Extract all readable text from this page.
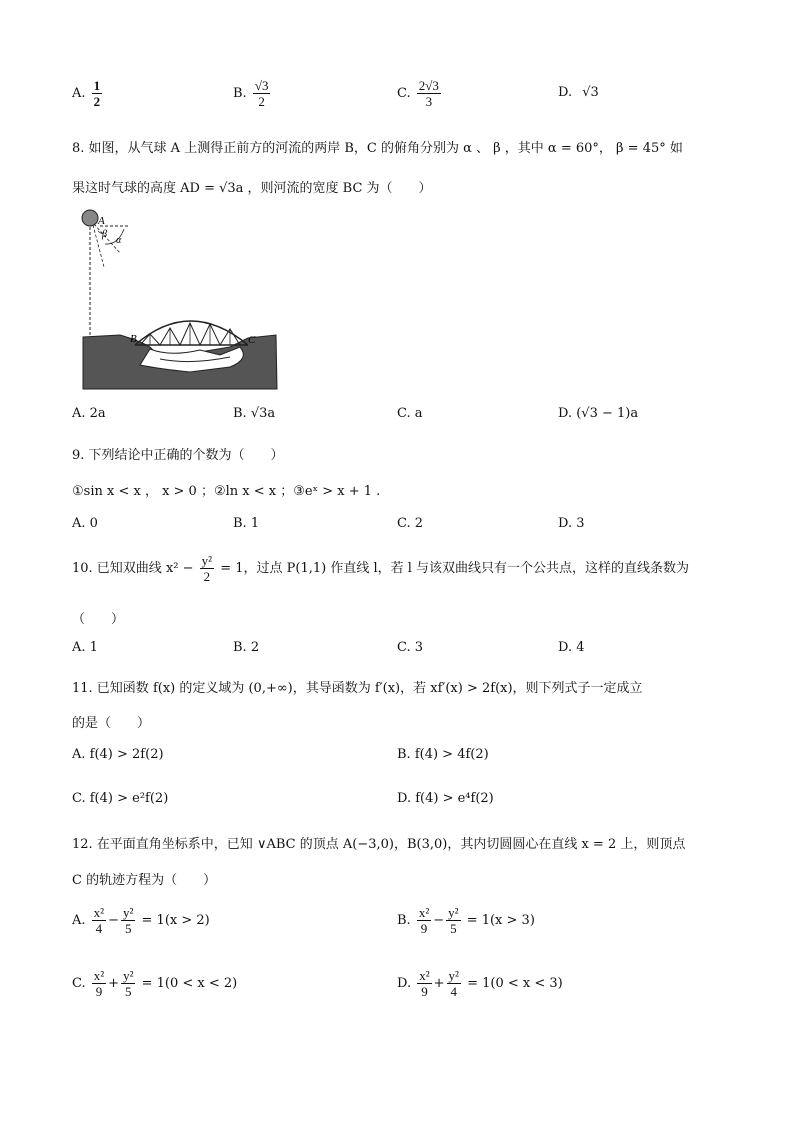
A. $\frac{1}{2}$	B. $\frac{√3}{2}$	C. $\frac{2√3}{3}$	D. √3
8. 如图，从气球 A 上测得正前方的河流的两岸 B，C 的俯角分别为 α 、 β ，其中 α = 60°， β = 45° 如
果这时气球的高度 AD = √3a ，则河流的宽度 BC 为（　　）
A
β
α
B	C
A. 2a	B. √3a	C. a	D. (√3 − 1)a
9. 下列结论中正确的个数为（　　）
①sin x < x ， x > 0 ；②ln x < x ；③eˣ > x + 1 .
A. 0	B. 1	C. 2	D. 3
10. 已知双曲线 $x^2 - \frac{\text{y²}}{2} = 1$，过点 P(1,1) 作直线 l，若 l 与该双曲线只有一个公共点，这样的直线条数为
（　　）
A. 1	B. 2	C. 3	D. 4
11. 已知函数 f(x) 的定义域为 (0,+∞)，其导函数为 f′(x)，若 xf′(x) > 2f(x)，则下列式子一定成立
的是（　　）
A. f(4) > 2f(2)	B. f(4) > 4f(2)
C. f(4) > e²f(2)	D. f(4) > e⁴f(2)
12. 在平面直角坐标系中，已知 ∨ABC 的顶点 A(−3,0)，B(3,0)，其内切圆圆心在直线 x = 2 上，则顶点
C 的轨迹方程为（　　）
A. $\frac{\text{x²}}{4} - \frac{\text{y²}}{5} = 1(x > 2)$	B. $\frac{\text{x²}}{9} - \frac{\text{y²}}{5} = 1(x > 3)$
C. $\frac{\text{x²}}{9} + \frac{\text{y²}}{5} = 1(0 < x < 2)$	D. $\frac{\text{x²}}{9} + \frac{\text{y²}}{4} = 1(0 < x < 3)$
